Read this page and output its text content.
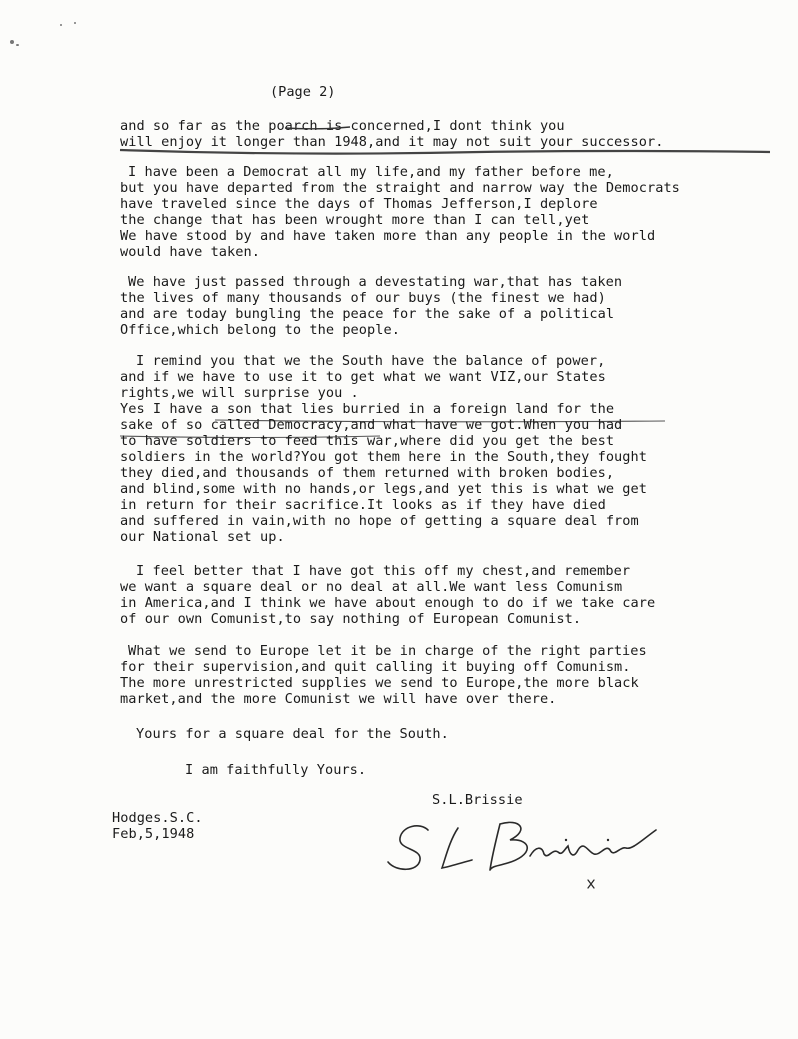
(Page 2)
and so far as the poarch is concerned,I dont think you
will enjoy it longer than 1948,and it may not suit your successor.
I have been a Democrat all my life,and my father before me,
but you have departed from the straight and narrow way the Democrats
have traveled since the days of Thomas Jefferson,I deplore
the change that has been wrought more than I can tell,yet
We have stood by and have taken more than any people in the world
would have taken.
We have just passed through a devestating war,that has taken
the lives of many thousands of our buys (the finest we had)
and are today bungling the peace for the sake of a political
Office,which belong to the people.
I remind you that we the South have the balance of power,
and if we have to use it to get what we want VIZ,our States
rights,we will surprise you .
Yes I have a son that lies burried in a foreign land for the
sake of so called Democracy,and what have we got.When you had
to have soldiers to feed this war,where did you get the best
soldiers in the world?You got them here in the South,they fought
they died,and thousands of them returned with broken bodies,
and blind,some with no hands,or legs,and yet this is what we get
in return for their sacrifice.It looks as if they have died
and suffered in vain,with no hope of getting a square deal from
our National set up.
I feel better that I have got this off my chest,and remember
we want a square deal or no deal at all.We want less Comunism
in America,and I think we have about enough to do if we take care
of our own Comunist,to say nothing of European Comunist.
What we send to Europe let it be in charge of the right parties
for their supervision,and quit calling it buying off Comunism.
The more unrestricted supplies we send to Europe,the more black
market,and the more Comunist we will have over there.
Yours for a square deal for the South.
I am faithfully Yours.
S.L.Brissie
Hodges.S.C.
Feb,5,1948
